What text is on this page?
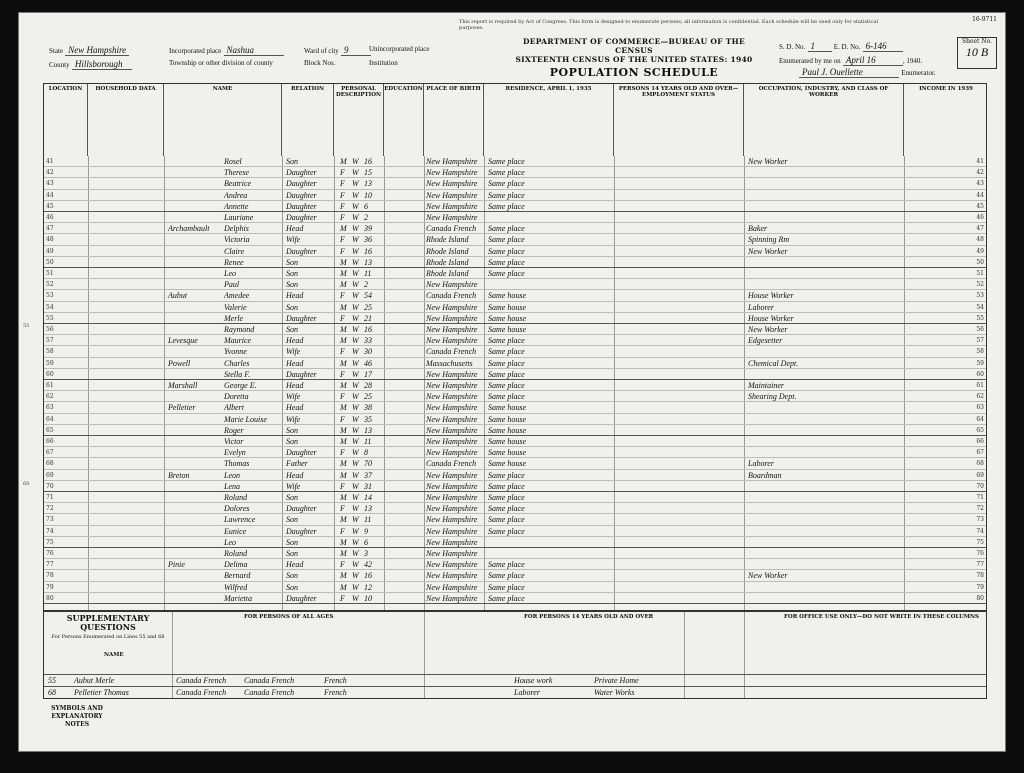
16-9711
This report is required by Act of Congress. This form is designed to enumerate persons; all information is confidential. Each schedule will be used only for statistical purposes.
State New Hampshire
County Hillsborough
Incorporated place Nashua
Township or other division of county
Ward of city 9
Block Nos.
Unincorporated place
Institution
DEPARTMENT OF COMMERCE—BUREAU OF THE CENSUS
SIXTEENTH CENSUS OF THE UNITED STATES: 1940
POPULATION SCHEDULE
S. D. No. 1	E. D. No. 6-146
Enumerated by me on April 16	, 1940.
Paul J. Ouellette	Enumerator.
Sheet No.
10 B
LOCATION	HOUSEHOLD DATA	NAME	RELATION	PERSONAL DESCRIPTION
EDUCATION PLACE OF BIRTH	RESIDENCE, APRIL 1, 1935	PERSONS 14 YEARS OLD AND OVER—EMPLOYMENT STATUS
OCCUPATION, INDUSTRY, AND CLASS OF WORKER
INCOME IN 1939
41	Rosel	Son	M W 16	New Hampshire Same place	New Worker	41
42	Therese	Daughter	F W 15	New Hampshire Same place	42
43	Beatrice	Daughter	F W 13	New Hampshire Same place	43
44	Andrea	Daughter	F W 10	New Hampshire Same place	44
45	Annette	Daughter	F W 6	New Hampshire Same place	45
46	Lauriane	Daughter	F W 2	New Hampshire	46
47	Archambault Delphis	Head	M W 39	Canada French Same place	Baker	47
48	Victoria	Wife	F W 36	Rhode Island Same place	Spinning Rm	48
49	Claire	Daughter	F W 16	Rhode Island Same place	New Worker	49
50	Renee	Son	M W 13	Rhode Island Same place	50
51	Leo	Son	M W 11	Rhode Island Same place	51
52	Paul	Son	M W 2	New Hampshire	52
53	Aubut	Amedee	Head	F W 54	Canada French Same house	House Worker	53
54	Valerie	Son	M W 25	New Hampshire Same house	Laborer	54
55	Merle	Daughter	F W 21	New Hampshire Same house	House Worker	55
56	Raymond	Son	M W 16	New Hampshire Same house	New Worker	56
57	Levesque	Maurice	Head	M W 33	New Hampshire Same place	Edgesetter	57
58	Yvonne	Wife	F W 30	Canada French Same place	58
59	Powell	Charles	Head	M W 46	Massachusetts Same place	Chemical Dept.	59
60	Stella F.	Daughter	F W 17	New Hampshire Same place	60
61	Marshall	George E.	Head	M W 28	New Hampshire Same place	Maintainer	61
62	Doretta	Wife	F W 25	New Hampshire Same place	Shearing Dept.	62
63	Pelletier	Albert	Head	M W 38	New Hampshire Same house	63
64	Marie Louise Wife	F W 35	New Hampshire Same house	64
65	Roger	Son	M W 13	New Hampshire Same house	65
66	Victor	Son	M W 11	New Hampshire Same house	66
67	Evelyn	Daughter	F W 8	New Hampshire Same house	67
68	Thomas	Father	M W 70	Canada French Same house	Laborer	68
69	Breton	Leon	Head	M W 37	New Hampshire Same place	Boardman	69
70	Lena	Wife	F W 31	New Hampshire Same place	70
71	Roland	Son	M W 14	New Hampshire Same place	71
72	Dolores	Daughter	F W 13	New Hampshire Same place	72
73	Lawrence	Son	M W 11	New Hampshire Same place	73
74	Eunice	Daughter	F W 9	New Hampshire Same place	74
75	Leo	Son	M W 6	New Hampshire	75
76	Roland	Son	M W 3	New Hampshire	76
77	Pinie	Delima	Head	F W 42	New Hampshire Same place	77
78	Bernard	Son	M W 16	New Hampshire Same place	New Worker	78
79	Wilfred	Son	M W 12	New Hampshire Same place	79
80	Marietta	Daughter	F W 10	New Hampshire Same place	80
55
68
SUPPLEMENTARY QUESTIONS
For Persons Enumerated on Lines 55 and 68
NAME
FOR PERSONS OF ALL AGES	FOR PERSONS 14 YEARS OLD AND OVER	FOR OFFICE USE ONLY—DO NOT WRITE IN THESE COLUMNS
55 Aubut Merle	Canada French Canada French	French	House work	Private Home
68 Pelletier Thomas	Canada French Canada French	French	Laborer	Water Works
SYMBOLS AND EXPLANATORY NOTES
